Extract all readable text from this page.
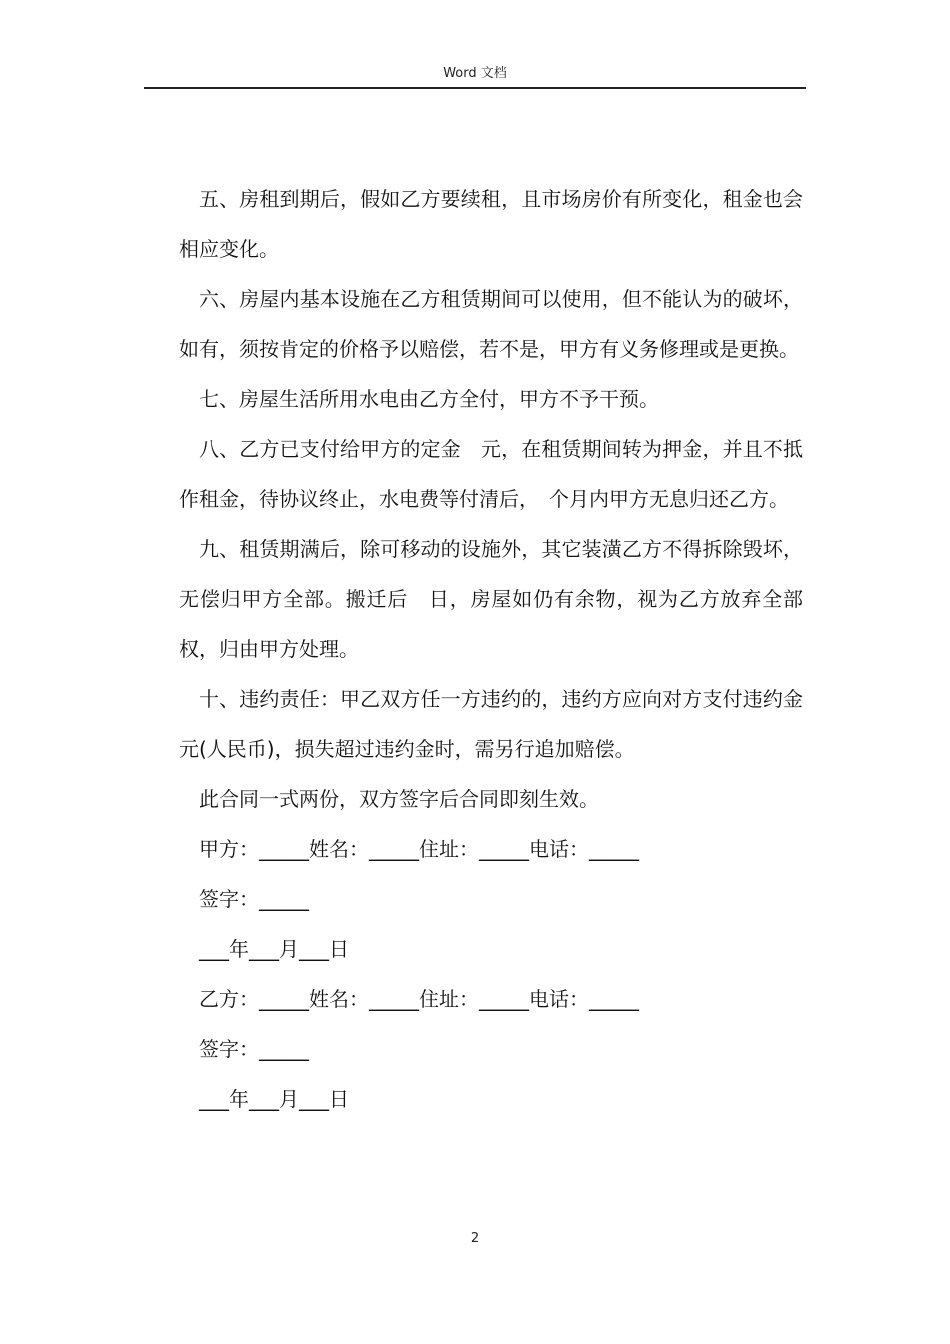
Word 文档

五、房租到期后，假如乙方要续租，且市场房价有所变化，租金也会相应变化。

六、房屋内基本设施在乙方租赁期间可以使用，但不能认为的破坏，如有，须按肯定的价格予以赔偿，若不是，甲方有义务修理或是更换。

七、房屋生活所用水电由乙方全付，甲方不予干预。

八、乙方已支付给甲方的定金　元，在租赁期间转为押金，并且不抵作租金，待协议终止，水电费等付清后，　个月内甲方无息归还乙方。

九、租赁期满后，除可移动的设施外，其它装潢乙方不得拆除毁坏，无偿归甲方全部。搬迁后　日，房屋如仍有余物，视为乙方放弃全部权，归由甲方处理。

十、违约责任：甲乙双方任一方违约的，违约方应向对方支付违约金元(人民币)，损失超过违约金时，需另行追加赔偿。

此合同一式两份，双方签字后合同即刻生效。

甲方：_____姓名：_____住址：_____电话：_____

签字：_____

___年___月___日

乙方：_____姓名：_____住址：_____电话：_____

签字：_____

___年___月___日

2
